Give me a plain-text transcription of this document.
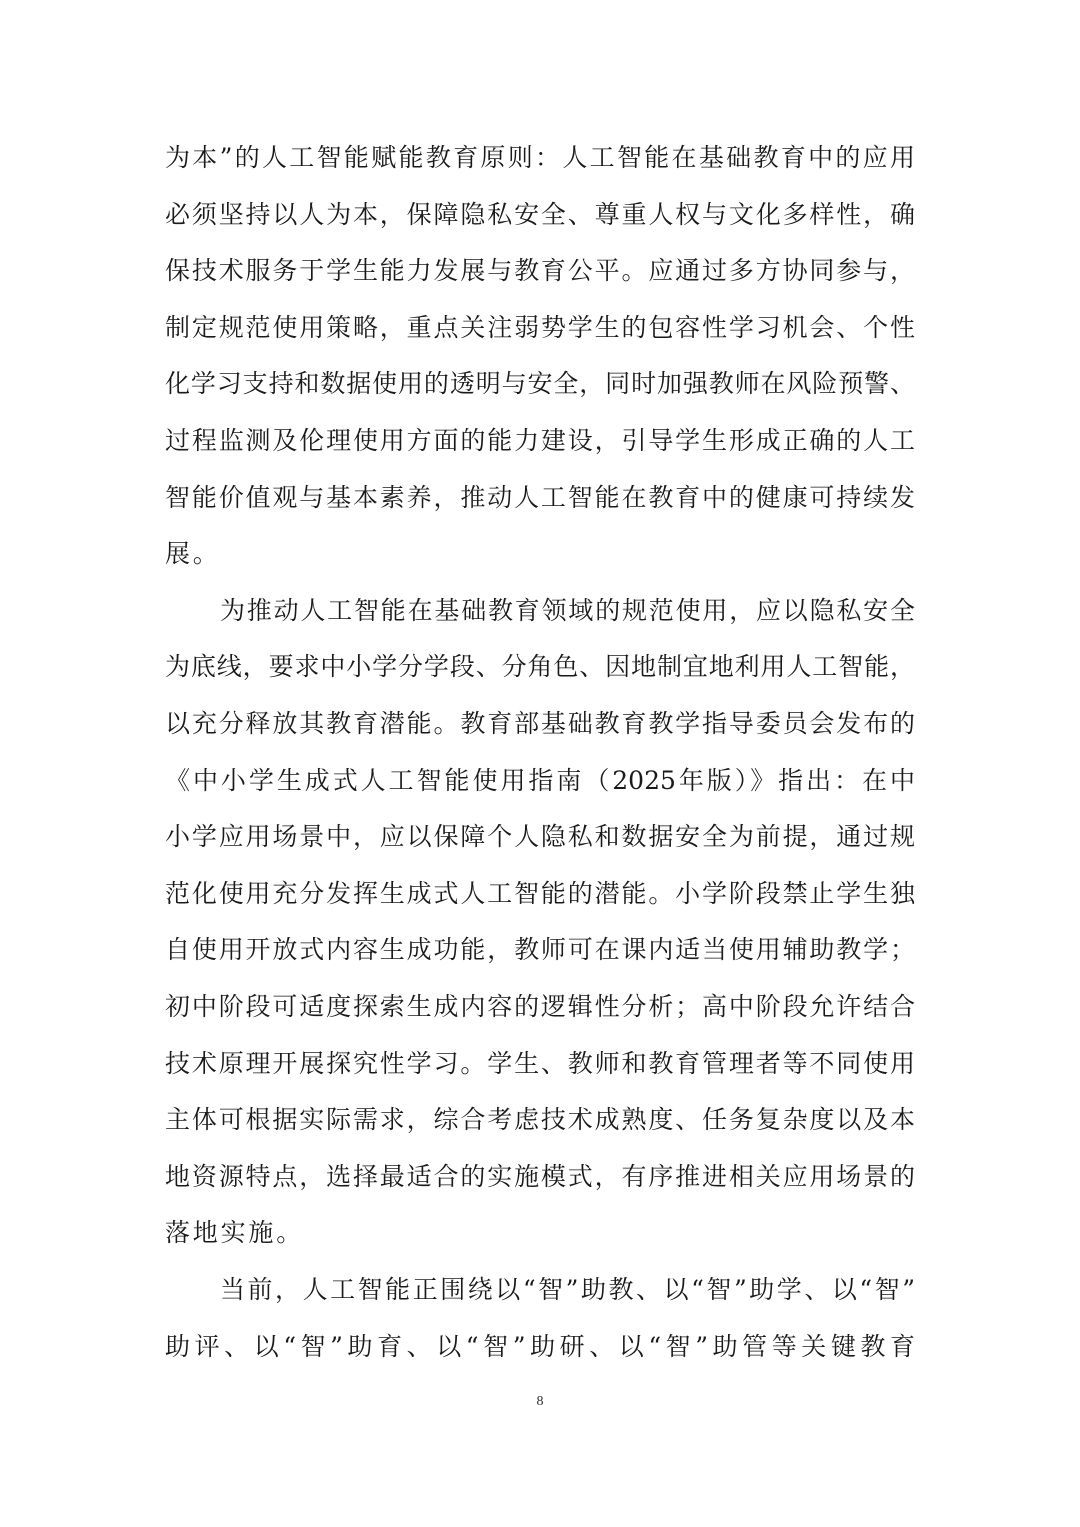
为本”的人工智能赋能教育原则：人工智能在基础教育中的应用
必须坚持以人为本，保障隐私安全、尊重人权与文化多样性，确
保技术服务于学生能力发展与教育公平。应通过多方协同参与，
制定规范使用策略，重点关注弱势学生的包容性学习机会、个性
化学习支持和数据使用的透明与安全，同时加强教师在风险预警、
过程监测及伦理使用方面的能力建设，引导学生形成正确的人工
智能价值观与基本素养，推动人工智能在教育中的健康可持续发
展。
为推动人工智能在基础教育领域的规范使用，应以隐私安全
为底线，要求中小学分学段、分角色、因地制宜地利用人工智能，
以充分释放其教育潜能。教育部基础教育教学指导委员会发布的
《中小学生成式人工智能使用指南（2025年版）》指出：在中
小学应用场景中，应以保障个人隐私和数据安全为前提，通过规
范化使用充分发挥生成式人工智能的潜能。小学阶段禁止学生独
自使用开放式内容生成功能，教师可在课内适当使用辅助教学；
初中阶段可适度探索生成内容的逻辑性分析；高中阶段允许结合
技术原理开展探究性学习。学生、教师和教育管理者等不同使用
主体可根据实际需求，综合考虑技术成熟度、任务复杂度以及本
地资源特点，选择最适合的实施模式，有序推进相关应用场景的
落地实施。
当前，人工智能正围绕以“智”助教、以“智”助学、以“智”
助评、以“智”助育、以“智”助研、以“智”助管等关键教育
8
